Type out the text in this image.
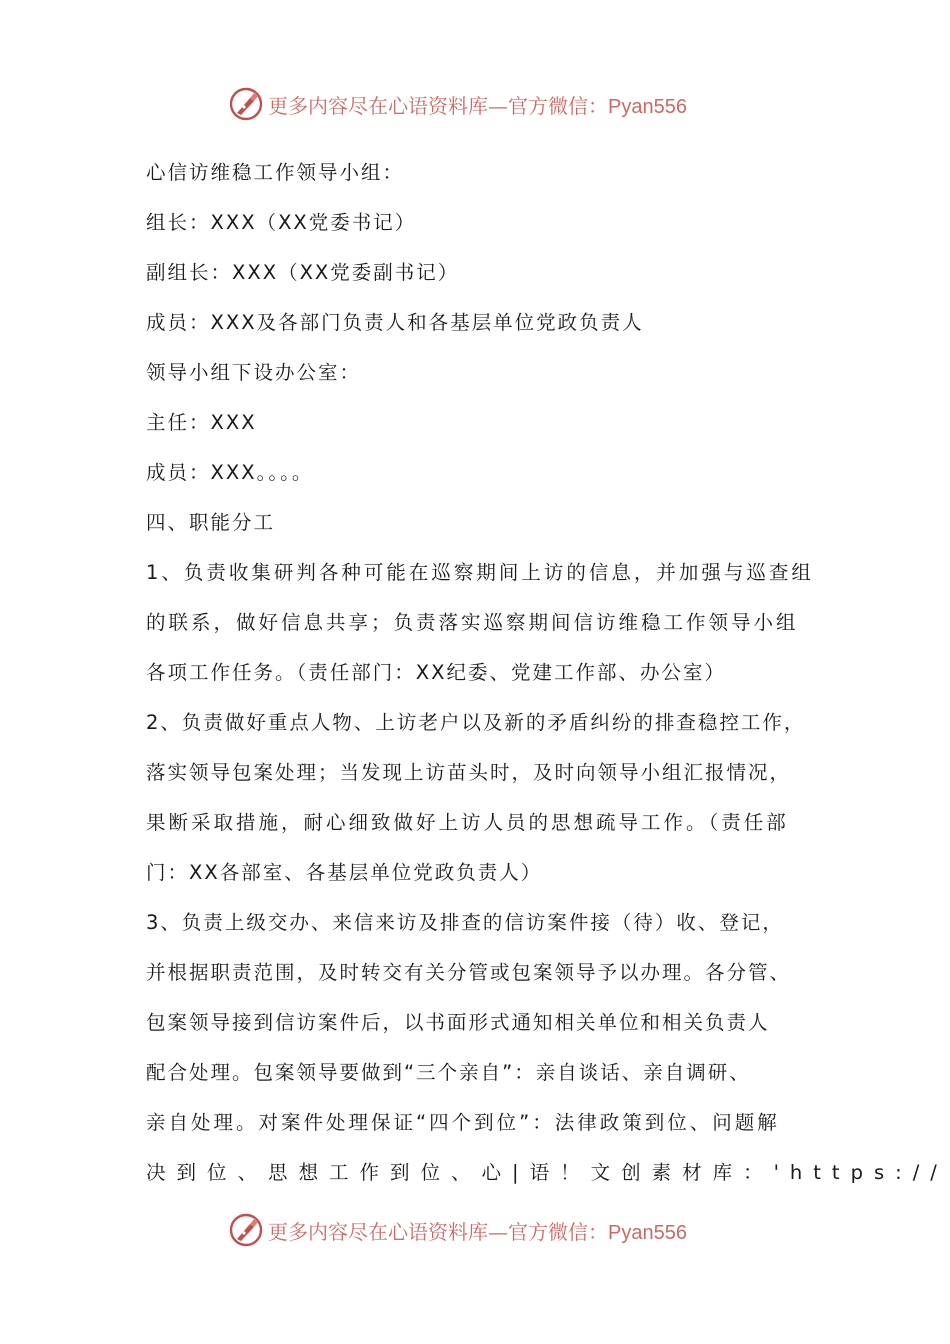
更多内容尽在心语资料库—官方微信：Pyan556
心信访维稳工作领导小组：
组长：XXX（XX党委书记）
副组长：XXX（XX党委副书记）
成员：XXX及各部门负责人和各基层单位党政负责人
领导小组下设办公室：
主任：XXX
成员：XXX。。。。
四、职能分工
1、负责收集研判各种可能在巡察期间上访的信息，并加强与巡查组
的联系，做好信息共享；负责落实巡察期间信访维稳工作领导小组
各项工作任务。（责任部门：XX纪委、党建工作部、办公室）
2、负责做好重点人物、上访老户以及新的矛盾纠纷的排查稳控工作，
落实领导包案处理；当发现上访苗头时，及时向领导小组汇报情况，
果断采取措施，耐心细致做好上访人员的思想疏导工作。（责任部
门：XX各部室、各基层单位党政负责人）
3、负责上级交办、来信来访及排查的信访案件接（待）收、登记，
并根据职责范围，及时转交有关分管或包案领导予以办理。各分管、
包案领导接到信访案件后，以书面形式通知相关单位和相关负责人
配合处理。包案领导要做到“三个亲自”：亲自谈话、亲自调研、
亲自处理。对案件处理保证“四个到位”：法律政策到位、问题解
决到位、思想工作到位、心|语！文创素材库：'https://
更多内容尽在心语资料库—官方微信：Pyan556
